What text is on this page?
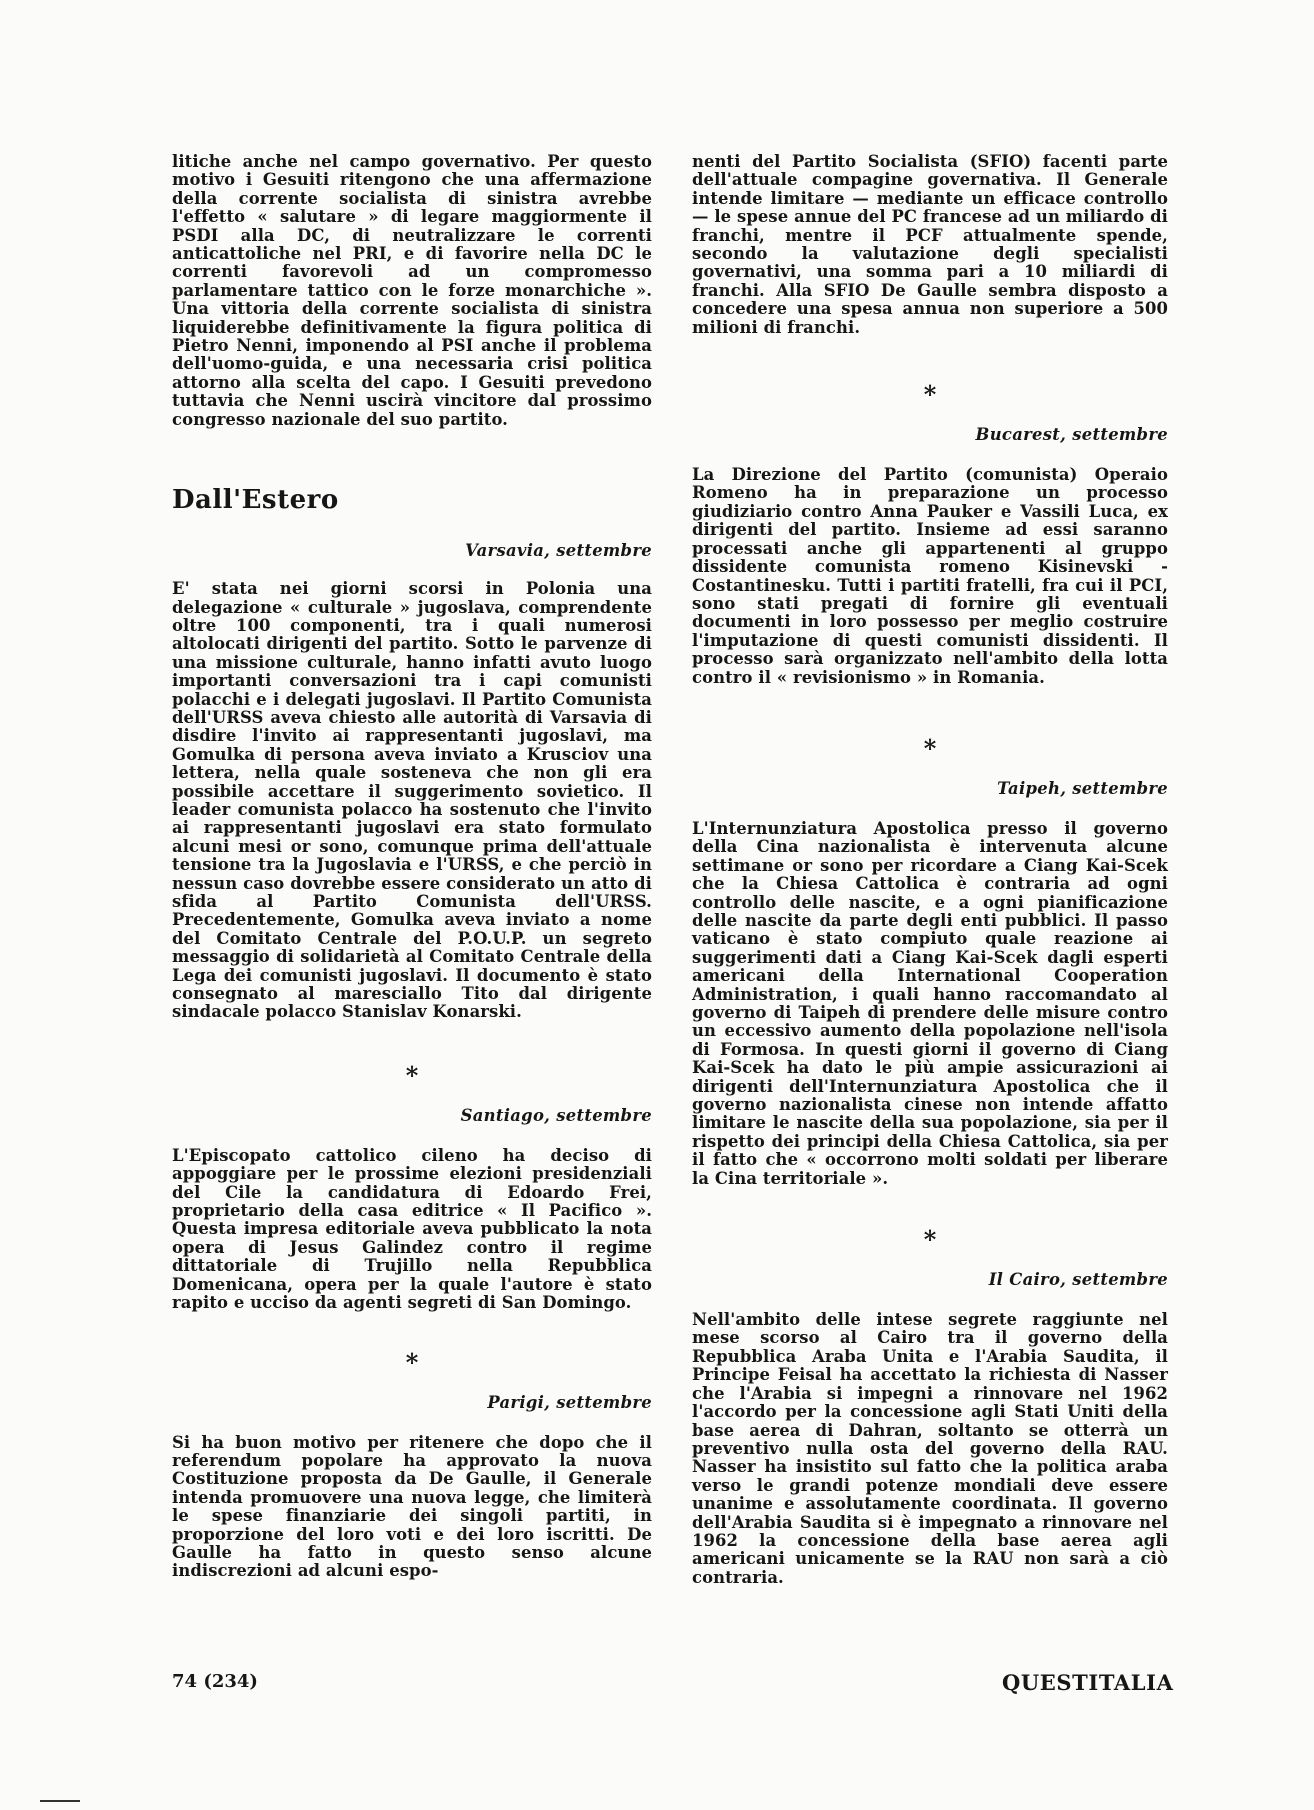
litiche anche nel campo governativo. Per questo motivo i Gesuiti ritengono che una affermazione della corrente socialista di sinistra avrebbe l'effetto « salutare » di legare maggiormente il PSDI alla DC, di neutralizzare le correnti anticattoliche nel PRI, e di favorire nella DC le correnti favorevoli ad un compromesso parlamentare tattico con le forze monarchiche ». Una vittoria della corrente socialista di sinistra liquiderebbe definitivamente la figura politica di Pietro Nenni, imponendo al PSI anche il problema dell'uomo-guida, e una necessaria crisi politica attorno alla scelta del capo. I Gesuiti prevedono tuttavia che Nenni uscirà vincitore dal prossimo congresso nazionale del suo partito.

Dall'Estero
Varsavia, settembre

E' stata nei giorni scorsi in Polonia una delegazione « culturale » jugoslava, comprendente oltre 100 componenti, tra i quali numerosi altolocati dirigenti del partito. Sotto le parvenze di una missione culturale, hanno infatti avuto luogo importanti conversazioni tra i capi comunisti polacchi e i delegati jugoslavi. Il Partito Comunista dell'URSS aveva chiesto alle autorità di Varsavia di disdire l'invito ai rappresentanti jugoslavi, ma Gomulka di persona aveva inviato a Krusciov una lettera, nella quale sosteneva che non gli era possibile accettare il suggerimento sovietico. Il leader comunista polacco ha sostenuto che l'invito ai rappresentanti jugoslavi era stato formulato alcuni mesi or sono, comunque prima dell'attuale tensione tra la Jugoslavia e l'URSS, e che perciò in nessun caso dovrebbe essere considerato un atto di sfida al Partito Comunista dell'URSS. Precedentemente, Gomulka aveva inviato a nome del Comitato Centrale del P.O.U.P. un segreto messaggio di solidarietà al Comitato Centrale della Lega dei comunisti jugoslavi. Il documento è stato consegnato al maresciallo Tito dal dirigente sindacale polacco Stanislav Konarski.

*
Santiago, settembre

L'Episcopato cattolico cileno ha deciso di appoggiare per le prossime elezioni presidenziali del Cile la candidatura di Edoardo Frei, proprietario della casa editrice « Il Pacifico ». Questa impresa editoriale aveva pubblicato la nota opera di Jesus Galindez contro il regime dittatoriale di Trujillo nella Repubblica Domenicana, opera per la quale l'autore è stato rapito e ucciso da agenti segreti di San Domingo.

*
Parigi, settembre

Si ha buon motivo per ritenere che dopo che il referendum popolare ha approvato la nuova Costituzione proposta da De Gaulle, il Generale intenda promuovere una nuova legge, che limiterà le spese finanziarie dei singoli partiti, in proporzione del loro voti e dei loro iscritti. De Gaulle ha fatto in questo senso alcune indiscrezioni ad alcuni espo-

nenti del Partito Socialista (SFIO) facenti parte dell'attuale compagine governativa. Il Generale intende limitare — mediante un efficace controllo — le spese annue del PC francese ad un miliardo di franchi, mentre il PCF attualmente spende, secondo la valutazione degli specialisti governativi, una somma pari a 10 miliardi di franchi. Alla SFIO De Gaulle sembra disposto a concedere una spesa annua non superiore a 500 milioni di franchi.

*
Bucarest, settembre

La Direzione del Partito (comunista) Operaio Romeno ha in preparazione un processo giudiziario contro Anna Pauker e Vassili Luca, ex dirigenti del partito. Insieme ad essi saranno processati anche gli appartenenti al gruppo dissidente comunista romeno Kisinevski - Costantinesku. Tutti i partiti fratelli, fra cui il PCI, sono stati pregati di fornire gli eventuali documenti in loro possesso per meglio costruire l'imputazione di questi comunisti dissidenti. Il processo sarà organizzato nell'ambito della lotta contro il « revisionismo » in Romania.

*
Taipeh, settembre

L'Internunziatura Apostolica presso il governo della Cina nazionalista è intervenuta alcune settimane or sono per ricordare a Ciang Kai-Scek che la Chiesa Cattolica è contraria ad ogni controllo delle nascite, e a ogni pianificazione delle nascite da parte degli enti pubblici. Il passo vaticano è stato compiuto quale reazione ai suggerimenti dati a Ciang Kai-Scek dagli esperti americani della International Cooperation Administration, i quali hanno raccomandato al governo di Taipeh di prendere delle misure contro un eccessivo aumento della popolazione nell'isola di Formosa. In questi giorni il governo di Ciang Kai-Scek ha dato le più ampie assicurazioni ai dirigenti dell'Internunziatura Apostolica che il governo nazionalista cinese non intende affatto limitare le nascite della sua popolazione, sia per il rispetto dei principi della Chiesa Cattolica, sia per il fatto che « occorrono molti soldati per liberare la Cina territoriale ».

*
Il Cairo, settembre

Nell'ambito delle intese segrete raggiunte nel mese scorso al Cairo tra il governo della Repubblica Araba Unita e l'Arabia Saudita, il Principe Feisal ha accettato la richiesta di Nasser che l'Arabia si impegni a rinnovare nel 1962 l'accordo per la concessione agli Stati Uniti della base aerea di Dahran, soltanto se otterrà un preventivo nulla osta del governo della RAU. Nasser ha insistito sul fatto che la politica araba verso le grandi potenze mondiali deve essere unanime e assolutamente coordinata. Il governo dell'Arabia Saudita si è impegnato a rinnovare nel 1962 la concessione della base aerea agli americani unicamente se la RAU non sarà a ciò contraria.

74 (234)	QUESTITALIA
